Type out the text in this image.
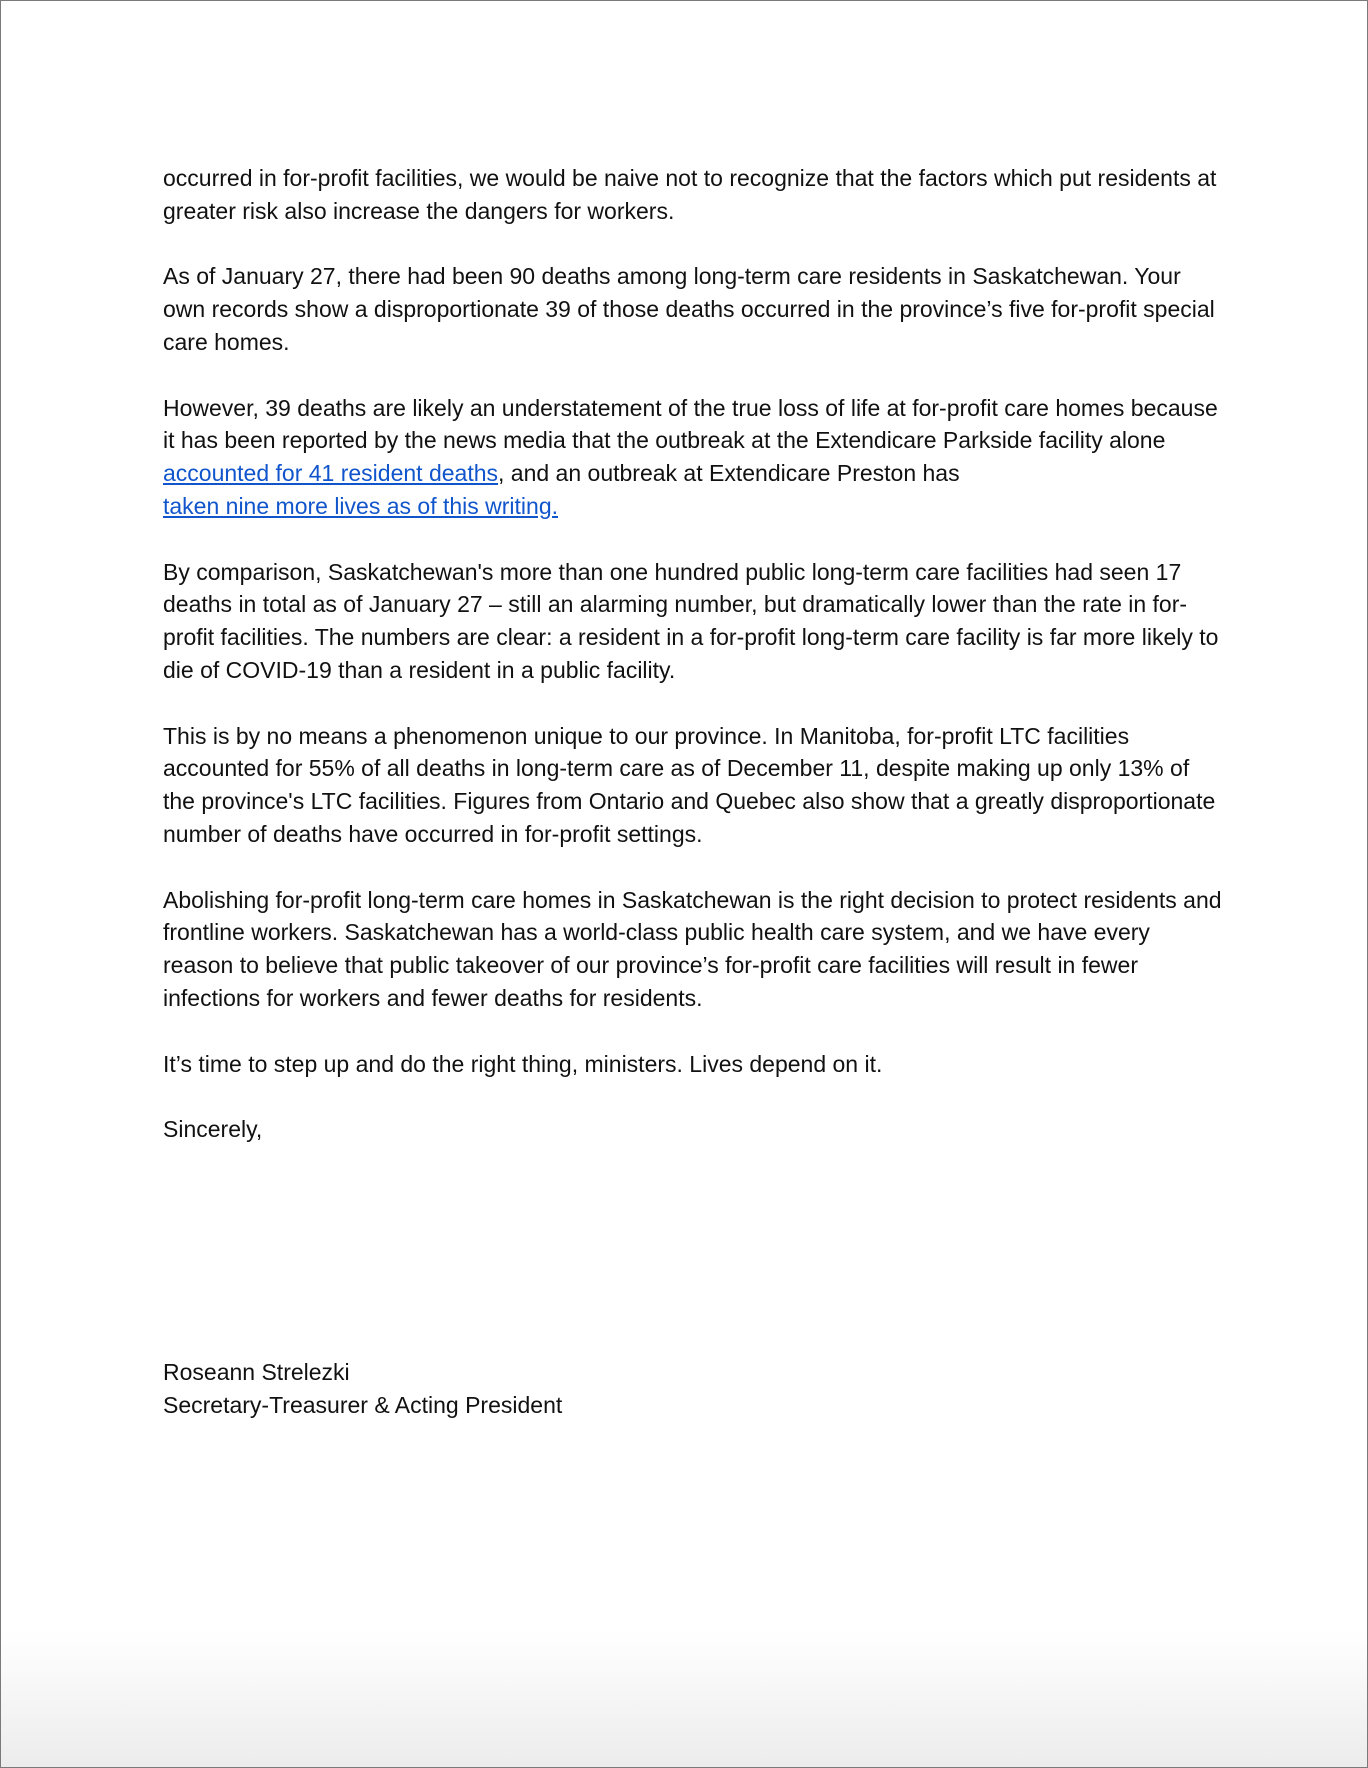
occurred in for-profit facilities, we would be naive not to recognize that the factors which put residents at greater risk also increase the dangers for workers.

As of January 27, there had been 90 deaths among long-term care residents in Saskatchewan. Your own records show a disproportionate 39 of those deaths occurred in the province’s five for-profit special care homes.

However, 39 deaths are likely an understatement of the true loss of life at for-profit care homes because it has been reported by the news media that the outbreak at the Extendicare Parkside facility alone accounted for 41 resident deaths, and an outbreak at Extendicare Preston has
taken nine more lives as of this writing.

By comparison, Saskatchewan's more than one hundred public long-term care facilities had seen 17 deaths in total as of January 27 – still an alarming number, but dramatically lower than the rate in for-profit facilities. The numbers are clear: a resident in a for-profit long-term care facility is far more likely to die of COVID-19 than a resident in a public facility.

This is by no means a phenomenon unique to our province. In Manitoba, for-profit LTC facilities accounted for 55% of all deaths in long-term care as of December 11, despite making up only 13% of the province's LTC facilities. Figures from Ontario and Quebec also show that a greatly disproportionate number of deaths have occurred in for-profit settings.

Abolishing for-profit long-term care homes in Saskatchewan is the right decision to protect residents and frontline workers. Saskatchewan has a world-class public health care system, and we have every reason to believe that public takeover of our province’s for-profit care facilities will result in fewer infections for workers and fewer deaths for residents.

It’s time to step up and do the right thing, ministers. Lives depend on it.

Sincerely,

Roseann Strelezki
Secretary-Treasurer & Acting President
